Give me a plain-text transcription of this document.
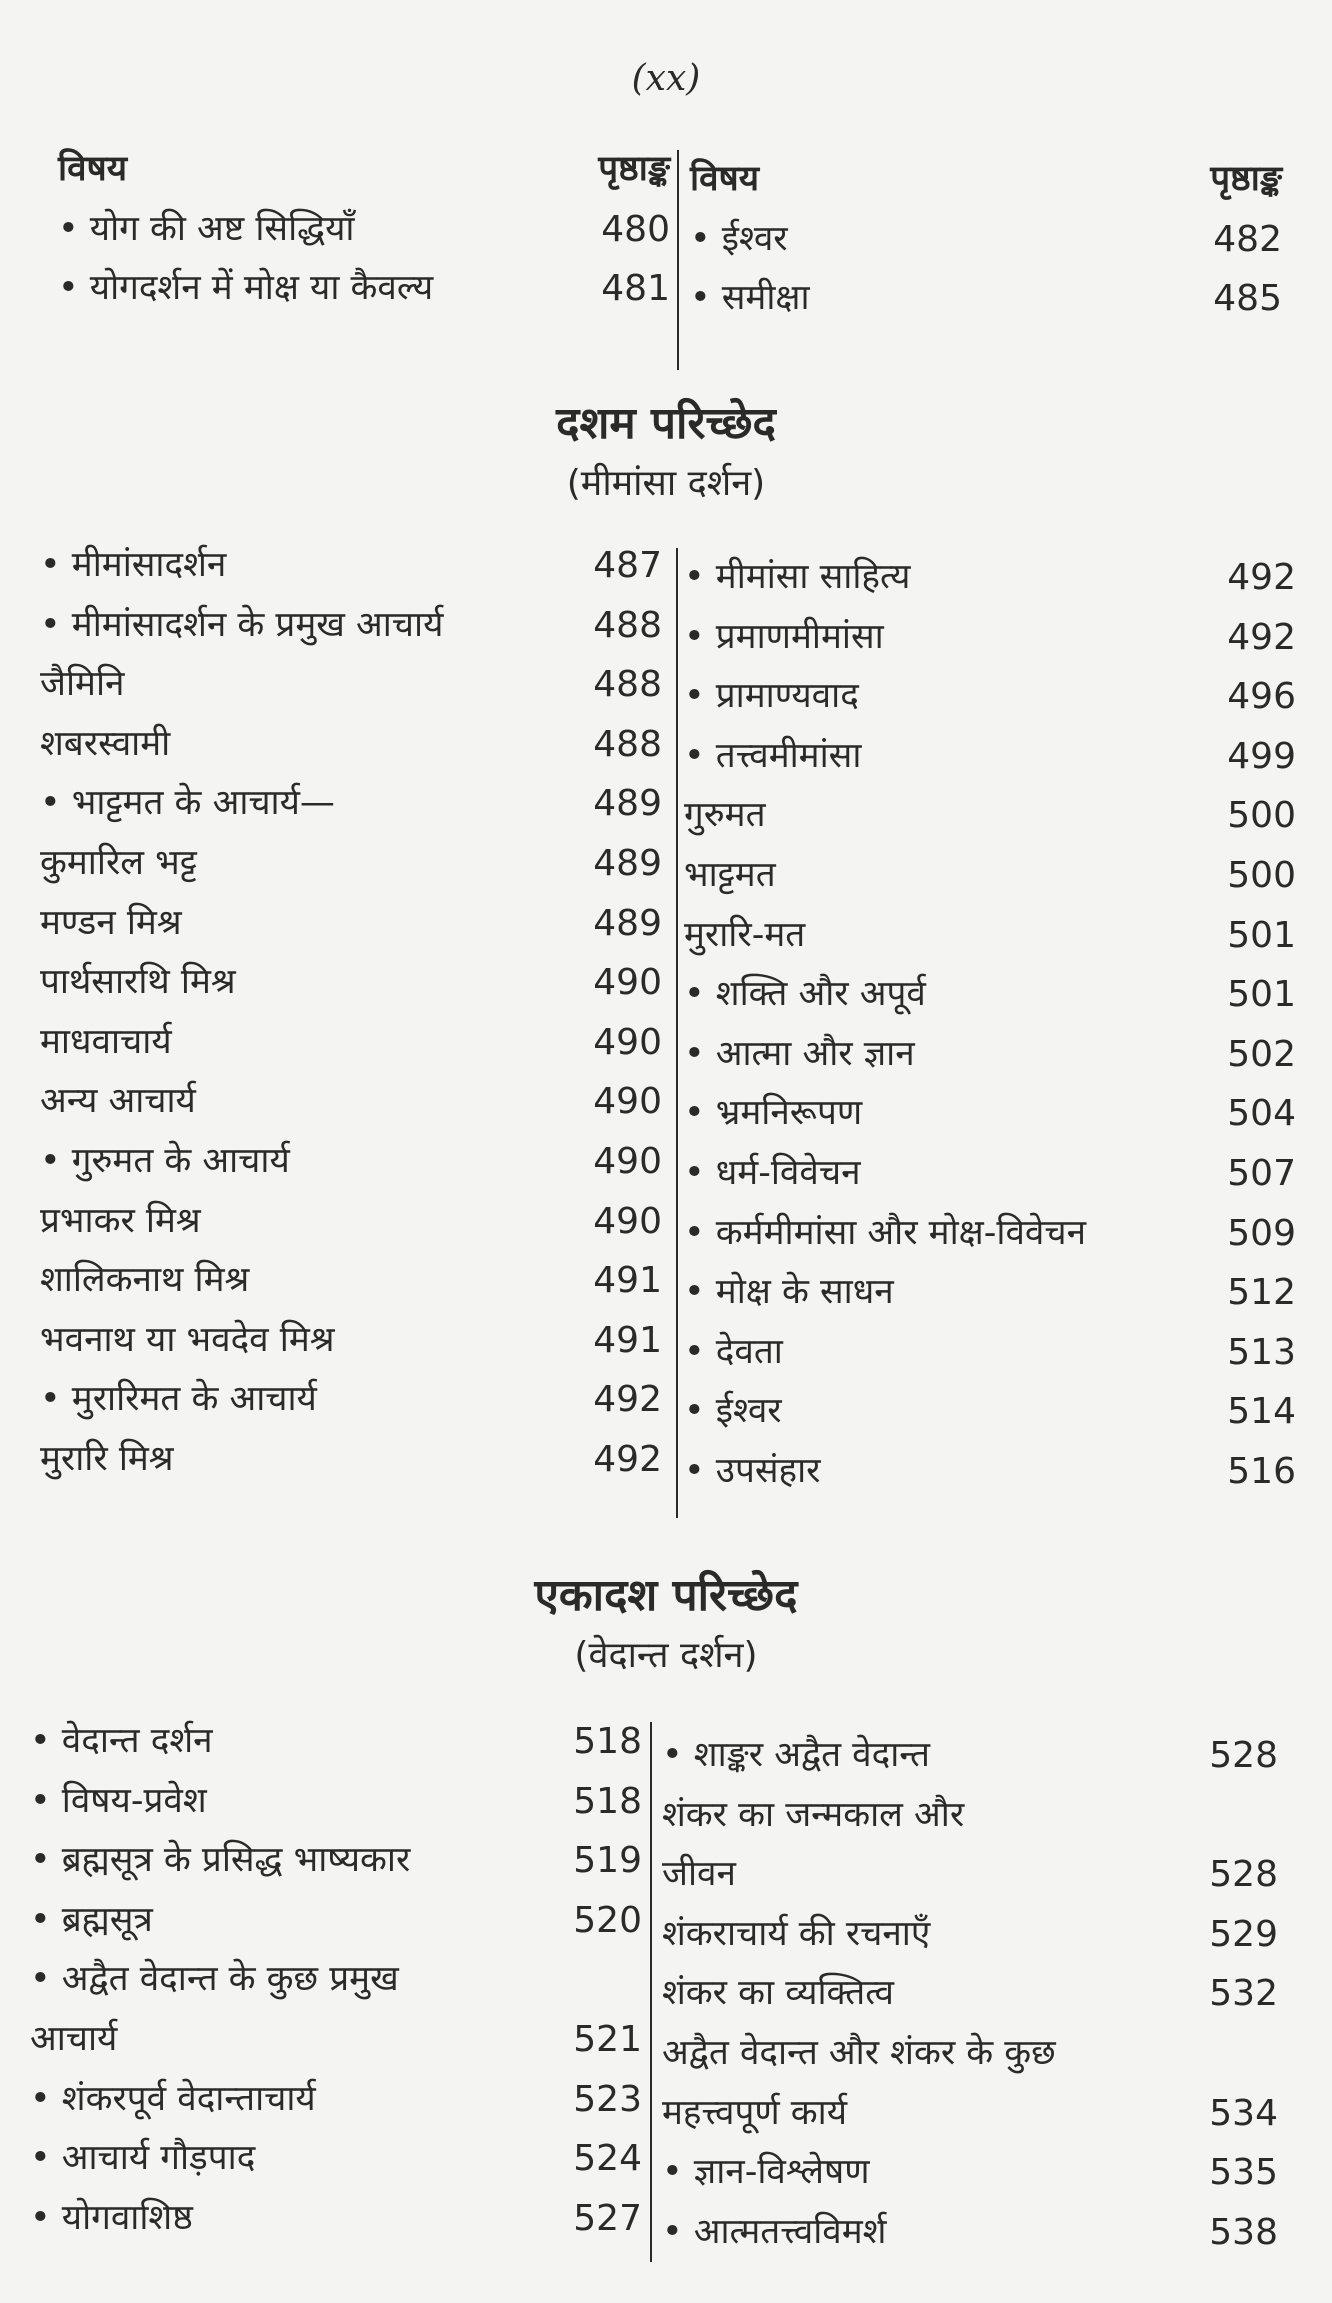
(xx)
विषय	पृष्ठाङ्क
• योग की अष्ट सिद्धियाँ	480
• योगदर्शन में मोक्ष या कैवल्य	481
विषय	पृष्ठाङ्क
• ईश्वर	482
• समीक्षा	485
दशम परिच्छेद
(मीमांसा दर्शन)
• मीमांसादर्शन	487
• मीमांसादर्शन के प्रमुख आचार्य	488
जैमिनि	488
शबरस्वामी	488
• भाट्टमत के आचार्य—	489
कुमारिल भट्ट	489
मण्डन मिश्र	489
पार्थसारथि मिश्र	490
माधवाचार्य	490
अन्य आचार्य	490
• गुरुमत के आचार्य	490
प्रभाकर मिश्र	490
शालिकनाथ मिश्र	491
भवनाथ या भवदेव मिश्र	491
• मुरारिमत के आचार्य	492
मुरारि मिश्र	492
• मीमांसा साहित्य	492
• प्रमाणमीमांसा	492
• प्रामाण्यवाद	496
• तत्त्वमीमांसा	499
गुरुमत	500
भाट्टमत	500
मुरारि-मत	501
• शक्ति और अपूर्व	501
• आत्मा और ज्ञान	502
• भ्रमनिरूपण	504
• धर्म-विवेचन	507
• कर्ममीमांसा और मोक्ष-विवेचन	509
• मोक्ष के साधन	512
• देवता	513
• ईश्वर	514
• उपसंहार	516
एकादश परिच्छेद
(वेदान्त दर्शन)
• वेदान्त दर्शन	518
• विषय-प्रवेश	518
• ब्रह्मसूत्र के प्रसिद्ध भाष्यकार	519
• ब्रह्मसूत्र	520
• अद्वैत वेदान्त के कुछ प्रमुख
आचार्य	521
• शंकरपूर्व वेदान्ताचार्य	523
• आचार्य गौड़पाद	524
• योगवाशिष्ठ	527
• शाङ्कर अद्वैत वेदान्त	528
शंकर का जन्मकाल और
जीवन	528
शंकराचार्य की रचनाएँ	529
शंकर का व्यक्तित्व	532
अद्वैत वेदान्त और शंकर के कुछ
महत्त्वपूर्ण कार्य	534
• ज्ञान-विश्लेषण	535
• आत्मतत्त्वविमर्श	538
